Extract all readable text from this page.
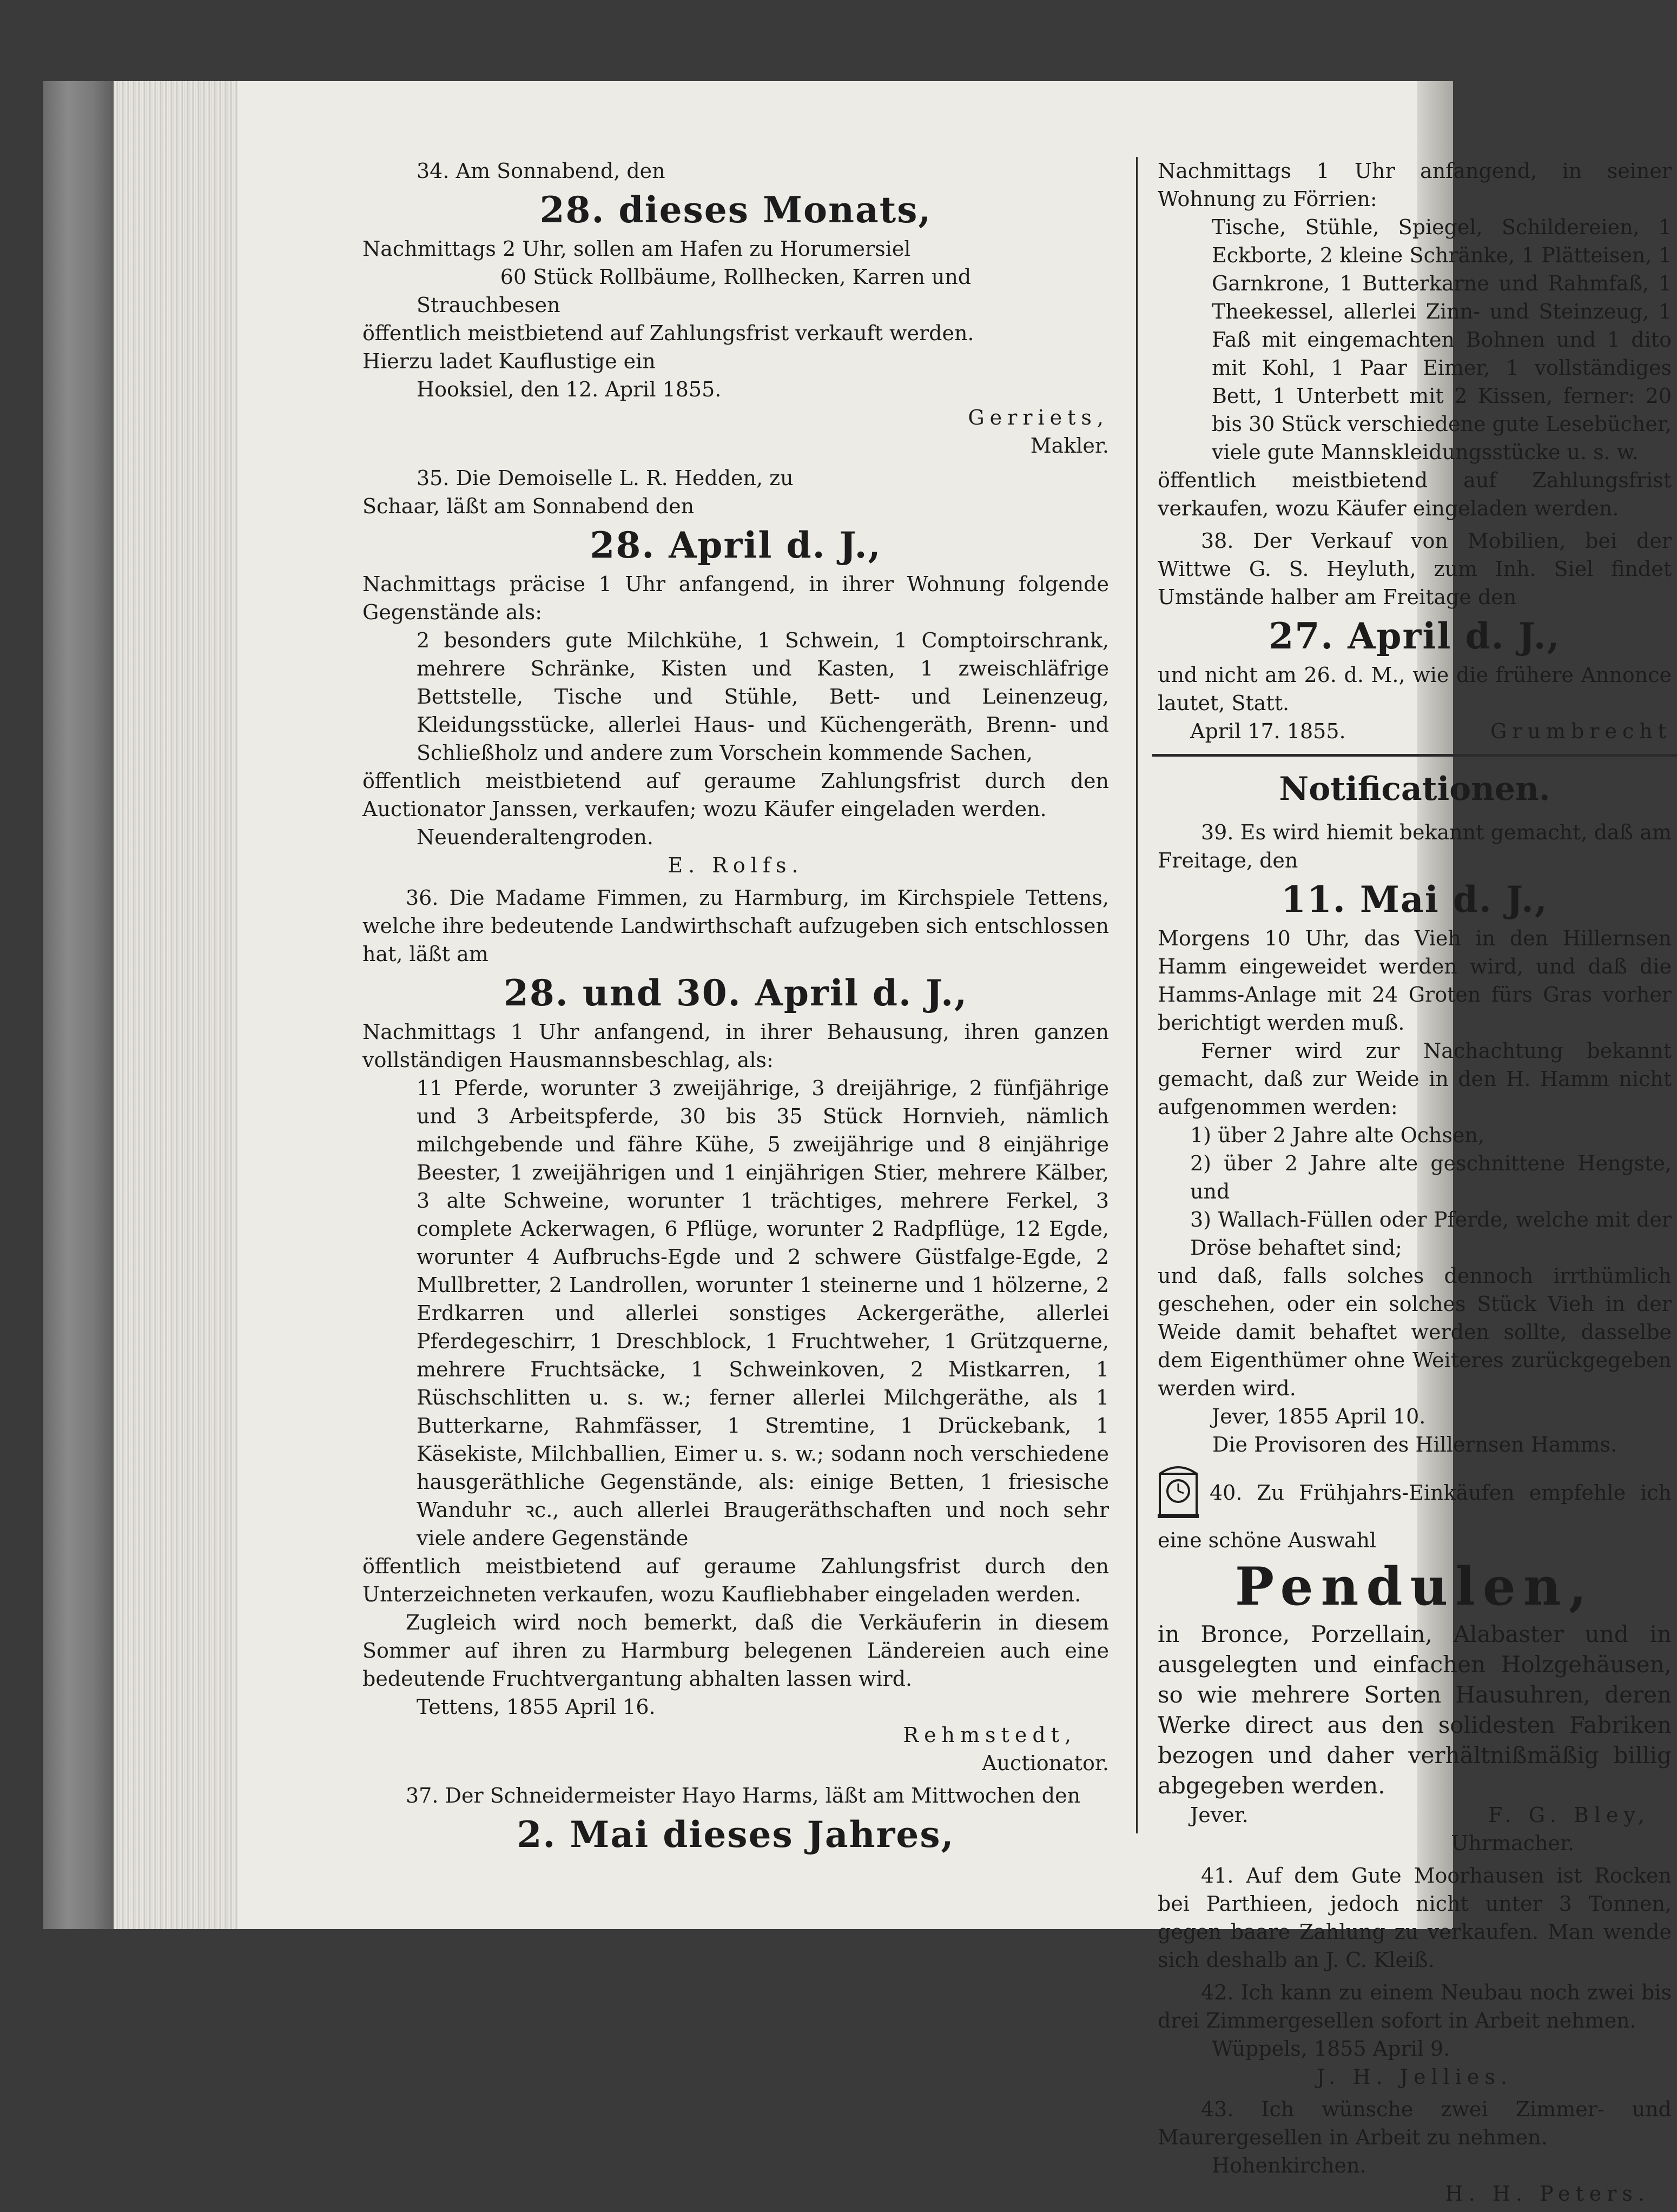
34. Am Sonnabend, den

28. dieses Monats,

Nachmittags 2 Uhr, sollen am Hafen zu Horumersiel

60 Stück Rollbäume, Rollhecken, Karren und

Strauchbesen

öffentlich meistbietend auf Zahlungsfrist verkauft werden.

Hierzu ladet Kauflustige ein

Hooksiel, den 12. April 1855.

Gerriets,

Makler.

35. Die Demoiselle L. R. Hedden, zu

Schaar, läßt am Sonnabend den

28. April d. J.,

Nachmittags präcise 1 Uhr anfangend, in ihrer Wohnung folgende Gegenstände als:

2 besonders gute Milchkühe, 1 Schwein, 1 Comptoirschrank, mehrere Schränke, Kisten und Kasten, 1 zweischläfrige Bettstelle, Tische und Stühle, Bett- und Leinenzeug, Kleidungsstücke, allerlei Haus- und Küchengeräth, Brenn- und Schließholz und andere zum Vorschein kommende Sachen,

öffentlich meistbietend auf geraume Zahlungsfrist durch den Auctionator Janssen, verkaufen; wozu Käufer eingeladen werden.

Neuenderaltengroden.

E. Rolfs.

36. Die Madame Fimmen, zu Harmburg, im Kirchspiele Tettens, welche ihre bedeutende Landwirthschaft aufzugeben sich entschlossen hat, läßt am

28. und 30. April d. J.,

Nachmittags 1 Uhr anfangend, in ihrer Behausung, ihren ganzen vollständigen Hausmannsbeschlag, als:

11 Pferde, worunter 3 zweijährige, 3 dreijährige, 2 fünfjährige und 3 Arbeitspferde, 30 bis 35 Stück Hornvieh, nämlich milchgebende und fähre Kühe, 5 zweijährige und 8 einjährige Beester, 1 zweijährigen und 1 einjährigen Stier, mehrere Kälber, 3 alte Schweine, worunter 1 trächtiges, mehrere Ferkel, 3 complete Ackerwagen, 6 Pflüge, worunter 2 Radpflüge, 12 Egde, worunter 4 Aufbruchs-Egde und 2 schwere Güstfalge-Egde, 2 Mullbretter, 2 Landrollen, worunter 1 steinerne und 1 hölzerne, 2 Erdkarren und allerlei sonstiges Ackergeräthe, allerlei Pferdegeschirr, 1 Dreschblock, 1 Fruchtweher, 1 Grützquerne, mehrere Fruchtsäcke, 1 Schweinkoven, 2 Mistkarren, 1 Rüschschlitten u. s. w.; ferner allerlei Milchgeräthe, als 1 Butterkarne, Rahmfässer, 1 Stremtine, 1 Drückebank, 1 Käsekiste, Milchballien, Eimer u. s. w.; sodann noch verschiedene hausgeräthliche Gegenstände, als: einige Betten, 1 friesische Wanduhr ꝛc., auch allerlei Braugeräthschaften und noch sehr viele andere Gegenstände

öffentlich meistbietend auf geraume Zahlungsfrist durch den Unterzeichneten verkaufen, wozu Kaufliebhaber eingeladen werden.

Zugleich wird noch bemerkt, daß die Verkäuferin in diesem Sommer auf ihren zu Harmburg belegenen Ländereien auch eine bedeutende Fruchtvergantung abhalten lassen wird.

Tettens, 1855 April 16.

Rehmstedt,

Auctionator.

37. Der Schneidermeister Hayo Harms, läßt am Mittwochen den

2. Mai dieses Jahres,

Nachmittags 1 Uhr anfangend, in seiner Wohnung zu Förrien:

Tische, Stühle, Spiegel, Schildereien, 1 Eckborte, 2 kleine Schränke, 1 Plätteisen, 1 Garnkrone, 1 Butterkarne und Rahmfaß, 1 Theekessel, allerlei Zinn- und Steinzeug, 1 Faß mit eingemachten Bohnen und 1 dito mit Kohl, 1 Paar Eimer, 1 vollständiges Bett, 1 Unterbett mit 2 Kissen, ferner: 20 bis 30 Stück verschiedene gute Lesebücher, viele gute Mannskleidungsstücke u. s. w.

öffentlich meistbietend auf Zahlungsfrist verkaufen, wozu Käufer eingeladen werden.

38. Der Verkauf von Mobilien, bei der Wittwe G. S. Heyluth, zum Inh. Siel findet Umstände halber am Freitage den

27. April d. J.,

und nicht am 26. d. M., wie die frühere Annonce lautet, Statt.

April 17. 1855.	Grumbrecht
Notificationen.

39. Es wird hiemit bekannt gemacht, daß am Freitage, den

11. Mai d. J.,

Morgens 10 Uhr, das Vieh in den Hillernsen Hamm eingeweidet werden wird, und daß die Hamms-Anlage mit 24 Groten fürs Gras vorher berichtigt werden muß.

Ferner wird zur Nachachtung bekannt gemacht, daß zur Weide in den H. Hamm nicht aufgenommen werden:

1) über 2 Jahre alte Ochsen,

2) über 2 Jahre alte geschnittene Hengste, und

3) Wallach-Füllen oder Pferde, welche mit der Dröse behaftet sind;

und daß, falls solches dennoch irrthümlich geschehen, oder ein solches Stück Vieh in der Weide damit behaftet werden sollte, dasselbe dem Eigenthümer ohne Weiteres zurückgegeben werden wird.

Jever, 1855 April 10.

Die Provisoren des Hillernsen Hamms.

40. Zu Frühjahrs-Einkäufen empfehle ich eine schöne Auswahl

Pendulen,

in Bronce, Porzellain, Alabaster und in ausgelegten und einfachen Holzgehäusen, so wie mehrere Sorten Hausuhren, deren Werke direct aus den solidesten Fabriken bezogen und daher verhältnißmäßig billig abgegeben werden.

Jever.	F. G. Bley,

Uhrmacher.

41. Auf dem Gute Moorhausen ist Rocken bei Parthieen, jedoch nicht unter 3 Tonnen, gegen baare Zahlung zu verkaufen. Man wende sich deshalb an J. C. Kleiß.

42. Ich kann zu einem Neubau noch zwei bis drei Zimmergesellen sofort in Arbeit nehmen.

Wüppels, 1855 April 9.

J. H. Jellies.

43. Ich wünsche zwei Zimmer- und Maurergesellen in Arbeit zu nehmen.

Hohenkirchen.

H. H. Peters.
